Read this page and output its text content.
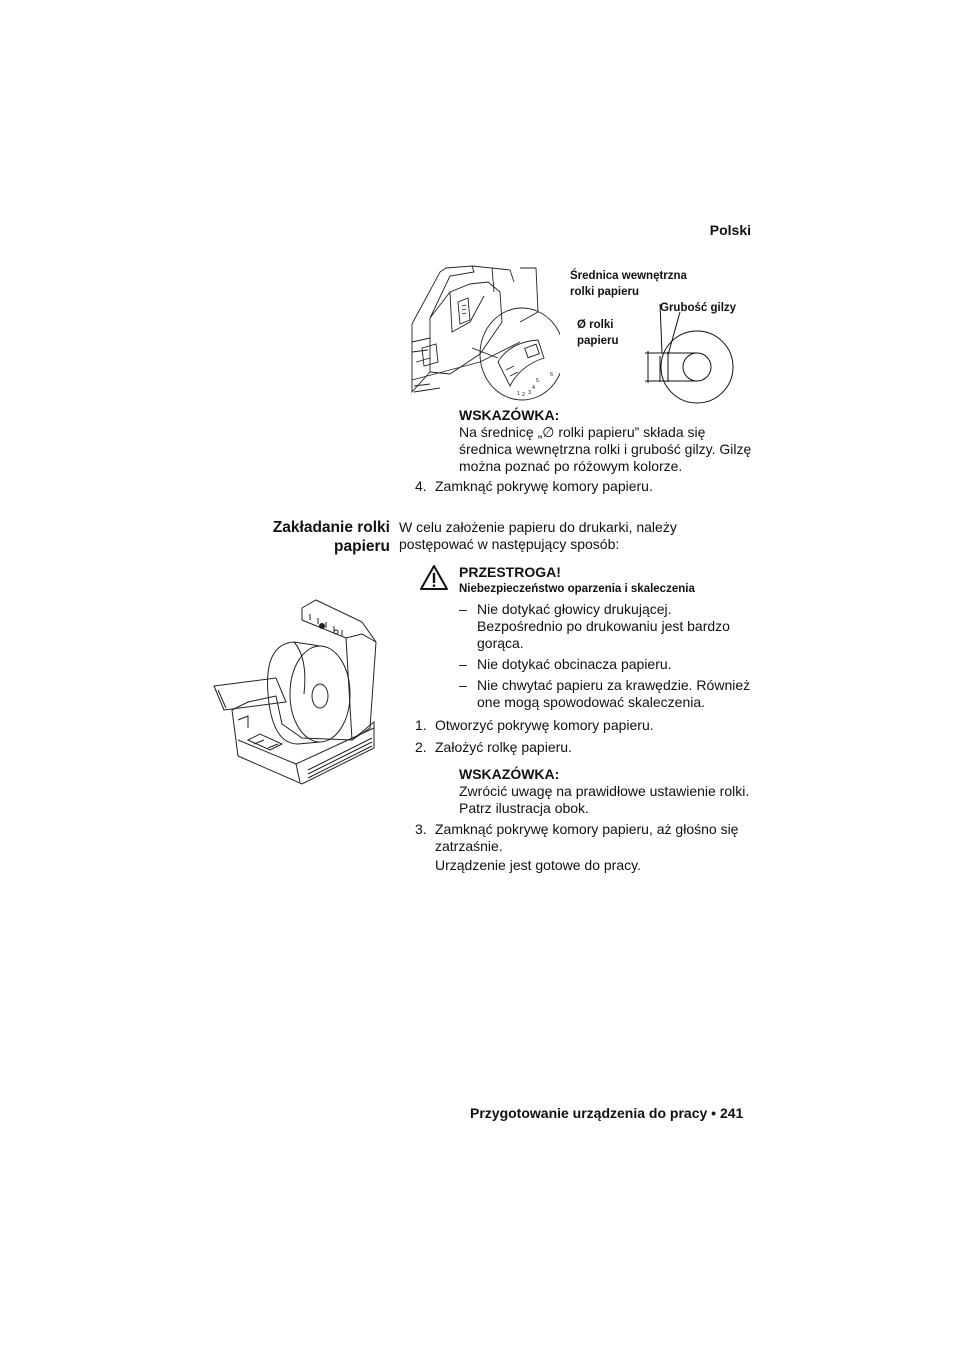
Polski
1 2 3
4
5
6
Średnica wewnętrzna
rolki papieru
Grubość gilzy
Ø rolki
papieru
WSKAZÓWKA:
Na średnicę „∅ rolki papieru” składa się
średnica wewnętrzna rolki i grubość gilzy. Gilzę
można poznać po różowym kolorze.
4. Zamknąć pokrywę komory papieru.
Zakładanie rolki
papieru
W celu założenie papieru do drukarki, należy
postępować w następujący sposób:
PRZESTROGA!
Niebezpieczeństwo oparzenia i skaleczenia
– Nie dotykać głowicy drukującej.
Bezpośrednio po drukowaniu jest bardzo
gorąca.
– Nie dotykać obcinacza papieru.
– Nie chwytać papieru za krawędzie. Również
one mogą spowodować skaleczenia.
1. Otworzyć pokrywę komory papieru.
2. Założyć rolkę papieru.
WSKAZÓWKA:
Zwrócić uwagę na prawidłowe ustawienie rolki.
Patrz ilustracja obok.
3. Zamknąć pokrywę komory papieru, aż głośno się
zatrzaśnie.
Urządzenie jest gotowe do pracy.
Przygotowanie urządzenia do pracy • 241
